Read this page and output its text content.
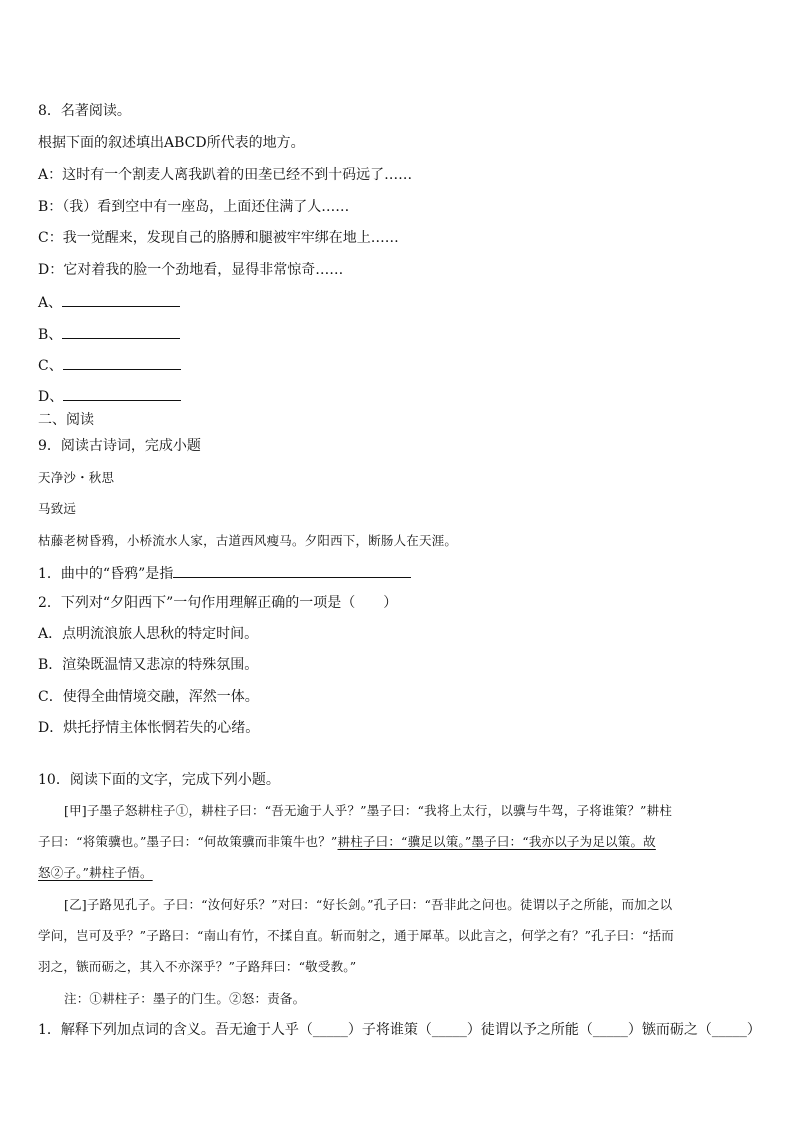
8．名著阅读。
根据下面的叙述填出ABCD所代表的地方。
A：这时有一个割麦人离我趴着的田垄已经不到十码远了……
B：（我）看到空中有一座岛，上面还住满了人……
C：我一觉醒来，发现自己的胳膊和腿被牢牢绑在地上……
D：它对着我的脸一个劲地看，显得非常惊奇……
A、
B、
C、
D、
二、阅读
9．阅读古诗词，完成小题
天净沙・秋思
马致远
枯藤老树昏鸦，小桥流水人家，古道西风瘦马。夕阳西下，断肠人在天涯。
1．曲中的“昏鸦”是指
2．下列对“夕阳西下”一句作用理解正确的一项是（　　）
A．点明流浪旅人思秋的特定时间。
B．渲染既温情又悲凉的特殊氛围。
C．使得全曲情境交融，浑然一体。
D．烘托抒情主体怅惘若失的心绪。
10．阅读下面的文字，完成下列小题。
[甲]子墨子怒耕柱子①，耕柱子曰：“吾无逾于人乎？”墨子曰：“我将上太行，以骥与牛驾，子将谁策？”耕柱
子曰：“将策骥也。”墨子曰：“何故策骥而非策牛也？”耕柱子曰：“骥足以策。”墨子曰：“我亦以子为足以策。故
怒②子。”耕柱子悟。
[乙]子路见孔子。子曰：“汝何好乐？”对曰：“好长剑。”孔子曰：“吾非此之问也。徒谓以子之所能，而加之以
学问，岂可及乎？”子路曰：“南山有竹，不揉自直。斩而射之，通于犀革。以此言之，何学之有？”孔子曰：“括而
羽之，镞而砺之，其入不亦深乎？”子路拜曰：“敬受教。”
注：①耕柱子：墨子的门生。②怒：责备。
1．解释下列加点词的含义。吾无逾于人乎（_____）子将谁策（_____）徒谓以予之所能（_____）镞而砺之（_____）
